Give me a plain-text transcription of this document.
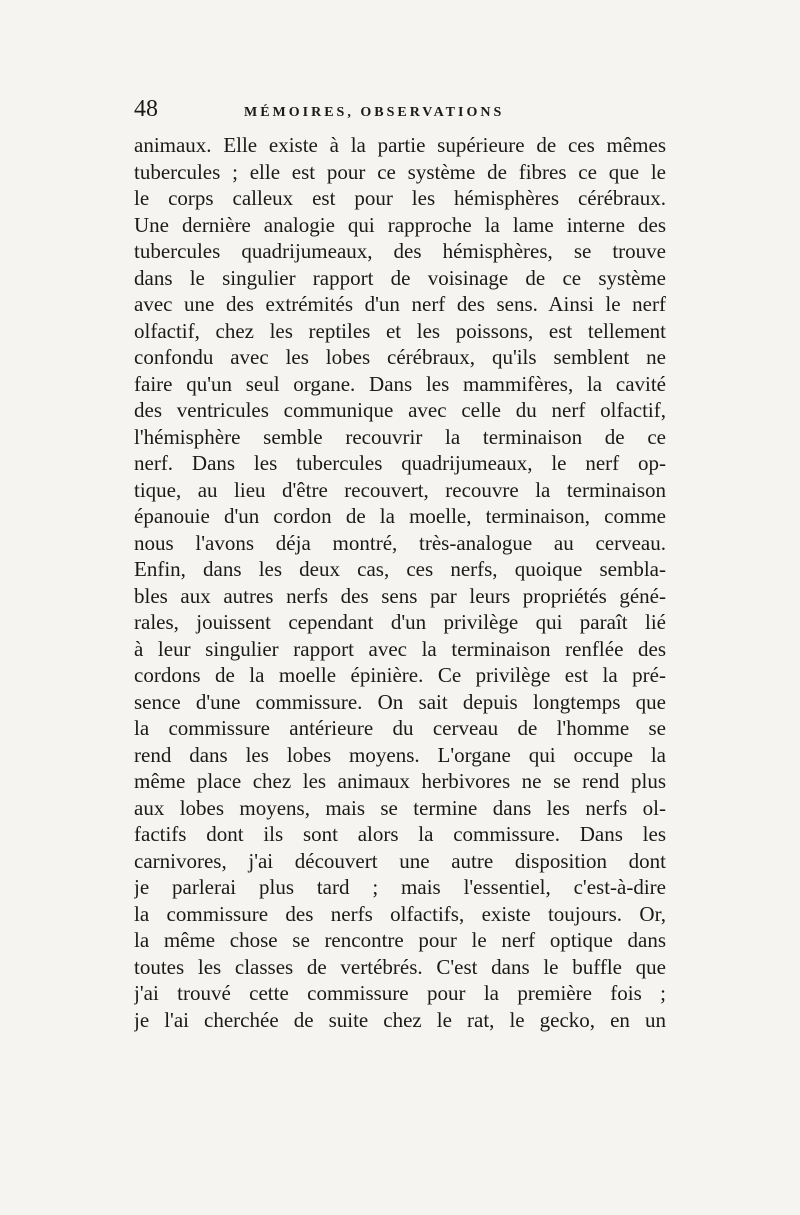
48	MÉMOIRES, OBSERVATIONS
animaux. Elle existe à la partie supérieure de ces mêmes
tubercules ; elle est pour ce système de fibres ce que le
le corps calleux est pour les hémisphères cérébraux.
Une dernière analogie qui rapproche la lame interne des
tubercules quadrijumeaux, des hémisphères, se trouve
dans le singulier rapport de voisinage de ce système
avec une des extrémités d'un nerf des sens. Ainsi le nerf
olfactif, chez les reptiles et les poissons, est tellement
confondu avec les lobes cérébraux, qu'ils semblent ne
faire qu'un seul organe. Dans les mammifères, la cavité
des ventricules communique avec celle du nerf olfactif,
l'hémisphère semble recouvrir la terminaison de ce
nerf. Dans les tubercules quadrijumeaux, le nerf op-
tique, au lieu d'être recouvert, recouvre la terminaison
épanouie d'un cordon de la moelle, terminaison, comme
nous l'avons déja montré, très-analogue au cerveau.
Enfin, dans les deux cas, ces nerfs, quoique sembla-
bles aux autres nerfs des sens par leurs propriétés géné-
rales, jouissent cependant d'un privilège qui paraît lié
à leur singulier rapport avec la terminaison renflée des
cordons de la moelle épinière. Ce privilège est la pré-
sence d'une commissure. On sait depuis longtemps que
la commissure antérieure du cerveau de l'homme se
rend dans les lobes moyens. L'organe qui occupe la
même place chez les animaux herbivores ne se rend plus
aux lobes moyens, mais se termine dans les nerfs ol-
factifs dont ils sont alors la commissure. Dans les
carnivores, j'ai découvert une autre disposition dont
je parlerai plus tard ; mais l'essentiel, c'est-à-dire
la commissure des nerfs olfactifs, existe toujours. Or,
la même chose se rencontre pour le nerf optique dans
toutes les classes de vertébrés. C'est dans le buffle que
j'ai trouvé cette commissure pour la première fois ;
je l'ai cherchée de suite chez le rat, le gecko, en un
